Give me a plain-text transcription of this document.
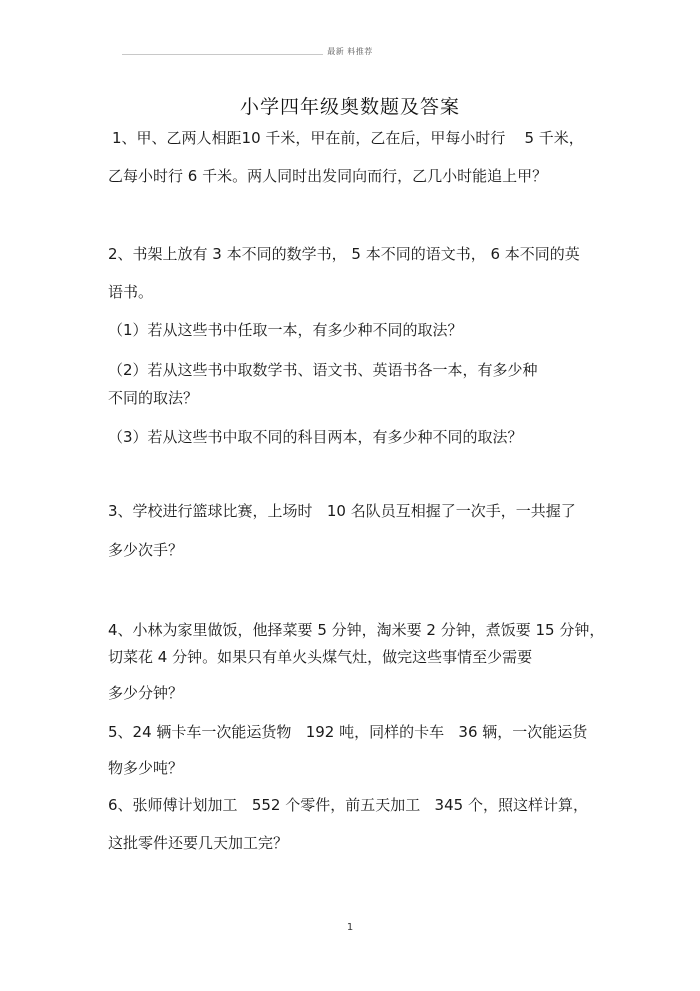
最新 料推荐
小学四年级奥数题及答案
1、甲、乙两人相距10 千米，甲在前，乙在后，甲每小时行    5 千米，
乙每小时行 6 千米。两人同时出发同向而行，乙几小时能追上甲？
2、书架上放有 3 本不同的数学书， 5 本不同的语文书， 6 本不同的英
语书。
（1）若从这些书中任取一本，有多少种不同的取法？
（2）若从这些书中取数学书、语文书、英语书各一本，有多少种
不同的取法？
（3）若从这些书中取不同的科目两本，有多少种不同的取法？
3、学校进行篮球比赛，上场时   10 名队员互相握了一次手，一共握了
多少次手？
4、小林为家里做饭，他择菜要 5 分钟，淘米要 2 分钟，煮饭要 15 分钟，
切菜花 4 分钟。如果只有单火头煤气灶，做完这些事情至少需要
多少分钟？
5、24 辆卡车一次能运货物   192 吨，同样的卡车   36 辆，一次能运货
物多少吨？
6、张师傅计划加工   552 个零件，前五天加工   345 个，照这样计算，
这批零件还要几天加工完？
1
